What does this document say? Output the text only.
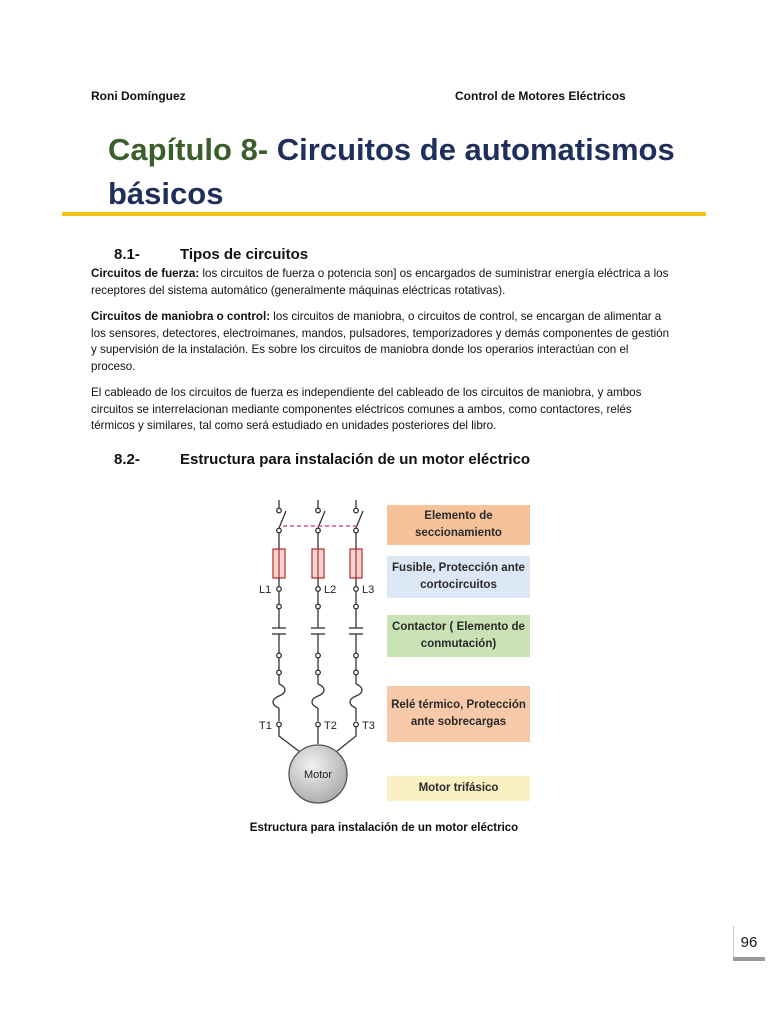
Roni Domínguez	Control de Motores Eléctricos
Capítulo 8- Circuitos de automatismos básicos
8.1-	Tipos de circuitos

Circuitos de fuerza: los circuitos de fuerza o potencia son] os encargados de suministrar energía eléctrica a los receptores del sistema automático (generalmente máquinas eléctricas rotativas).

Circuitos de maniobra o control: los circuitos de maniobra, o circuitos de control, se encargan de alimentar a los sensores, detectores, electroimanes, mandos, pulsadores, temporizadores y demás componentes de gestión y supervisión de la instalación. Es sobre los circuitos de maniobra donde los operarios interactúan con el proceso.

El cableado de los circuitos de fuerza es independiente del cableado de los circuitos de maniobra, y ambos circuitos se interrelacionan mediante componentes eléctricos comunes a ambos, como contactores, relés térmicos y similares, tal como será estudiado en unidades posteriores del libro.

8.2-	Estructura para instalación de un motor eléctrico
Motor
L1	L2 L3
T1	T2 T3
Elemento de seccionamiento
Fusible, Protección ante cortocircuitos
Contactor ( Elemento de conmutación)
Relé térmico, Protección ante sobrecargas
Motor trifásico
Estructura para instalación de un motor eléctrico
96
